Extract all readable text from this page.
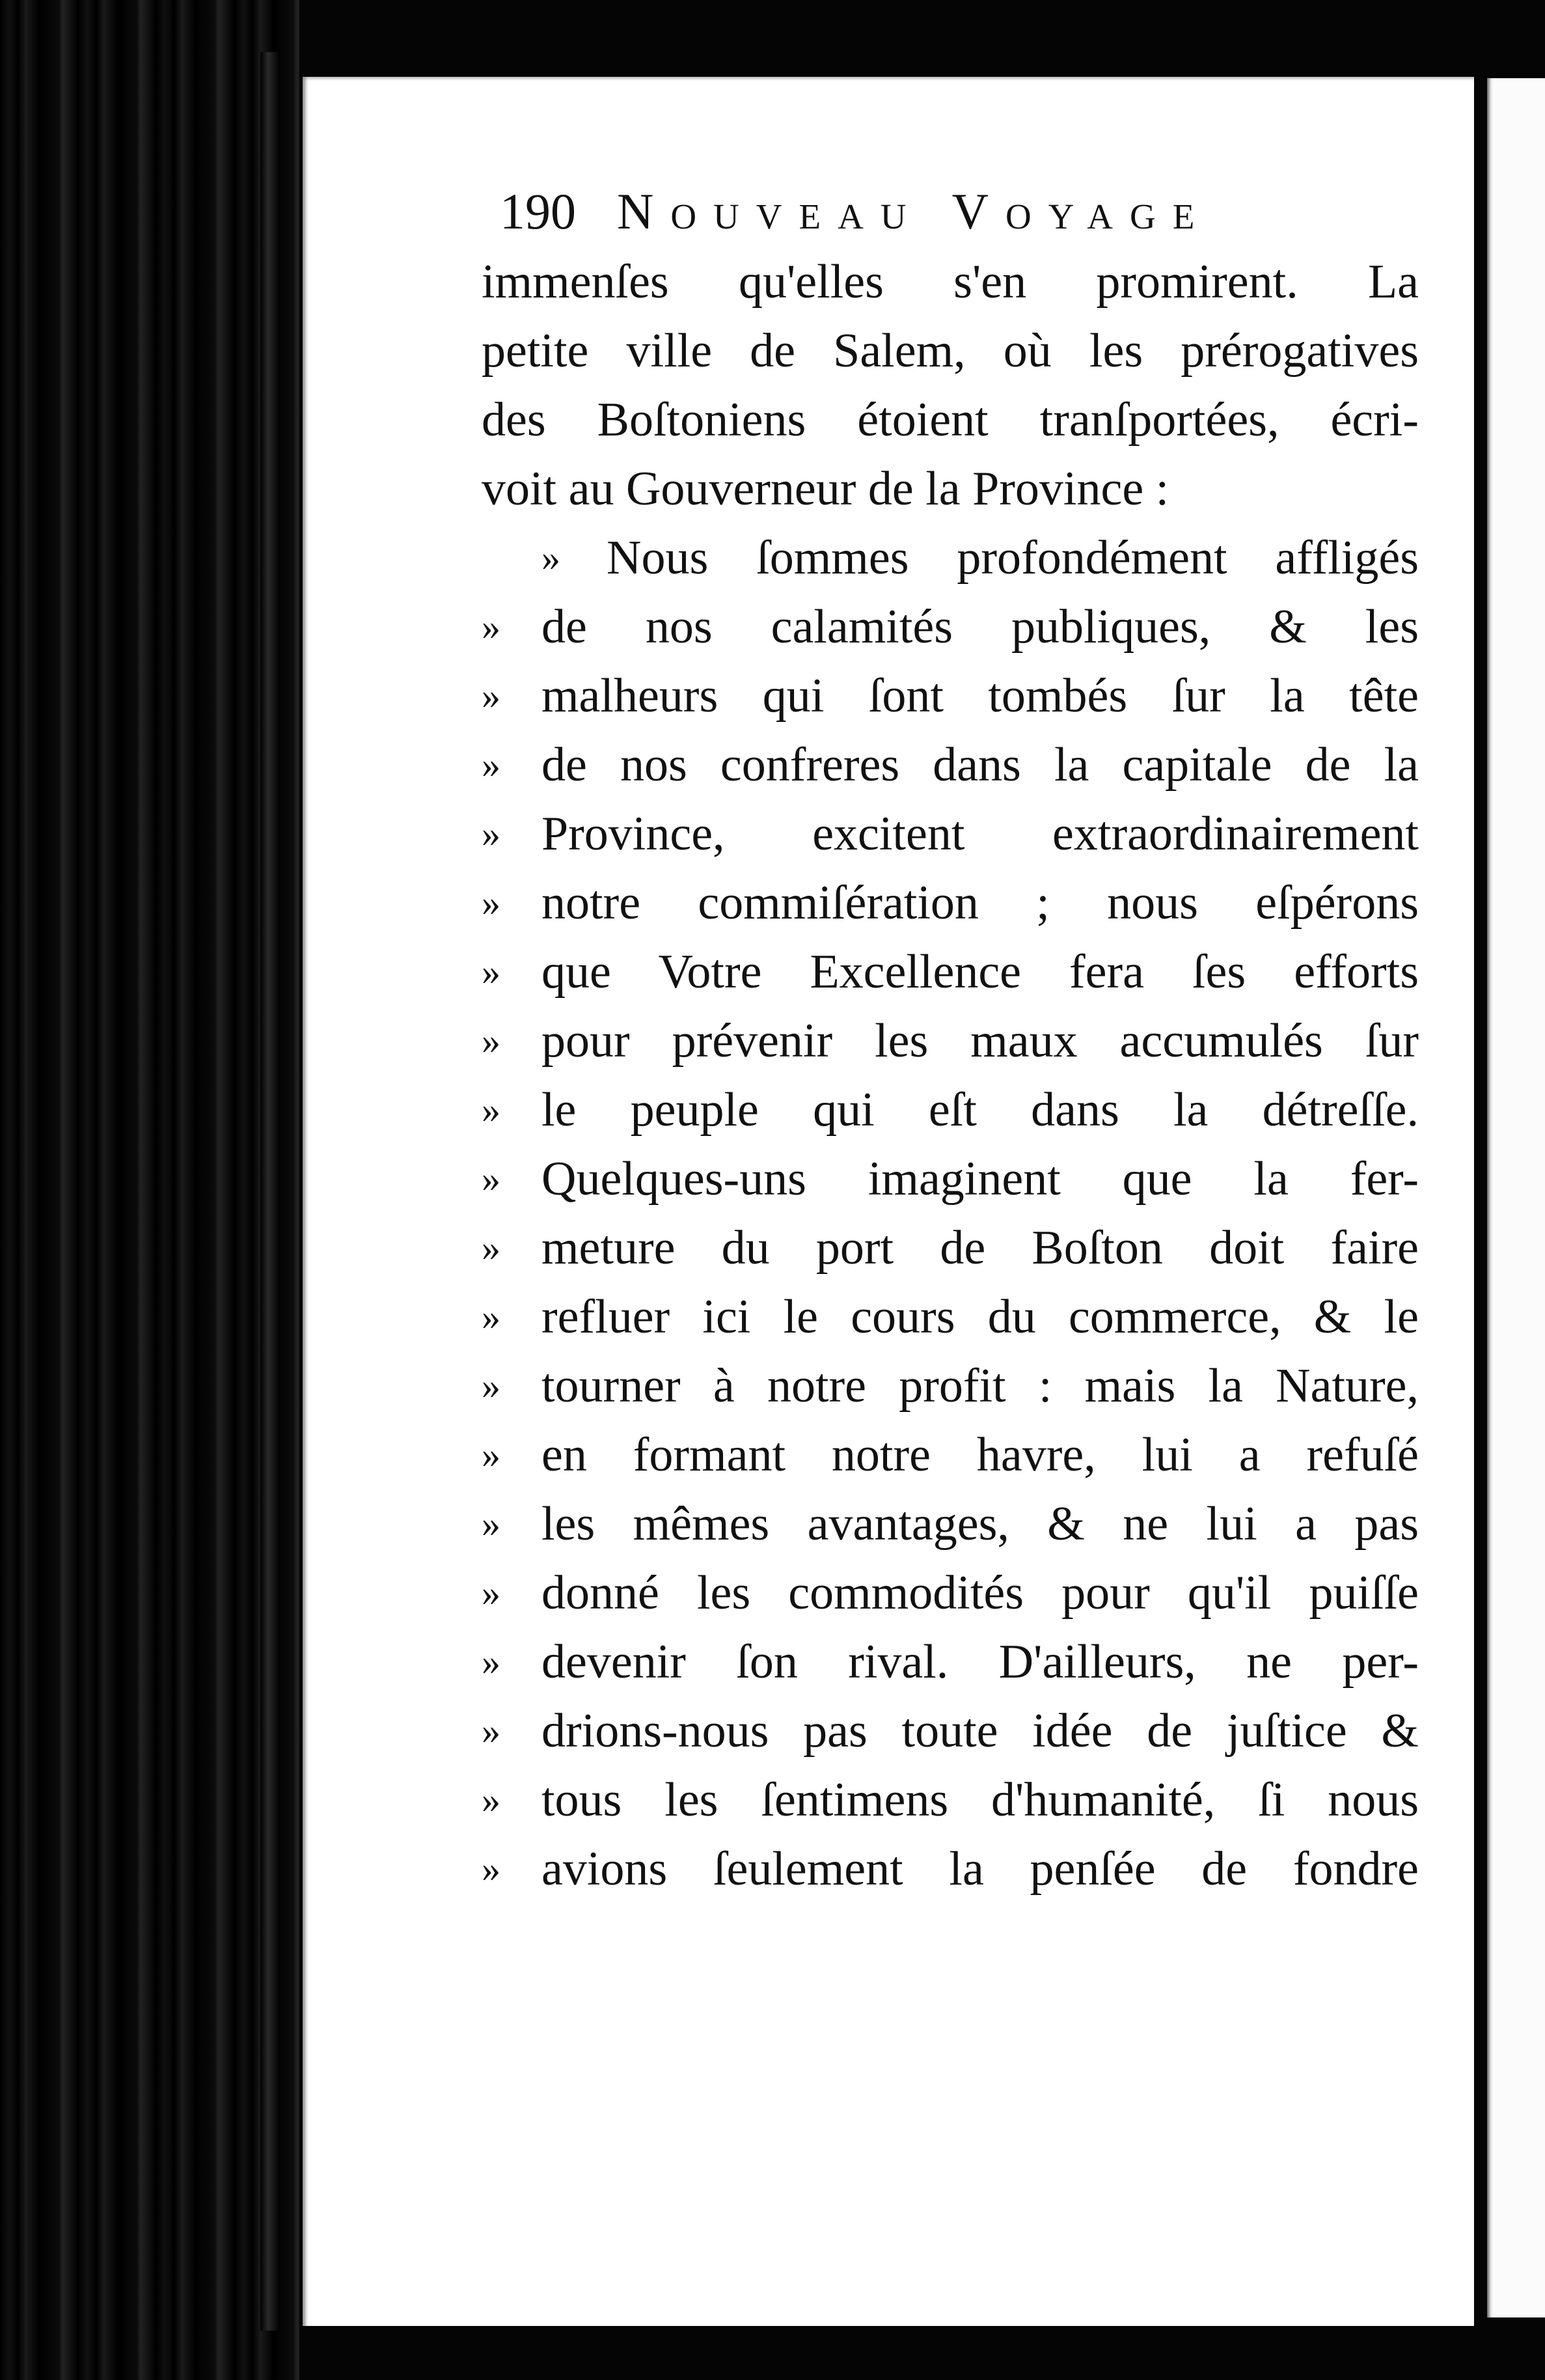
190 Nouveau Voyage
immenſes qu'elles s'en promirent. La
petite ville de Salem, où les prérogatives
des Boſtoniens étoient tranſportées, écri-
voit au Gouverneur de la Province :
» Nous ſommes profondément affligés
» de nos calamités publiques, & les
» malheurs qui ſont tombés ſur la tête
» de nos confreres dans la capitale de la
» Province, excitent extraordinairement
» notre commiſération ; nous eſpérons
» que Votre Excellence fera ſes efforts
» pour prévenir les maux accumulés ſur
» le peuple qui eſt dans la détreſſe.
» Quelques-uns imaginent que la fer-
» meture du port de Boſton doit faire
» refluer ici le cours du commerce, & le
» tourner à notre profit : mais la Nature,
» en formant notre havre, lui a refuſé
» les mêmes avantages, & ne lui a pas
» donné les commodités pour qu'il puiſſe
» devenir ſon rival. D'ailleurs, ne per-
» drions-nous pas toute idée de juſtice &
» tous les ſentimens d'humanité, ſi nous
» avions ſeulement la penſée de fondre
